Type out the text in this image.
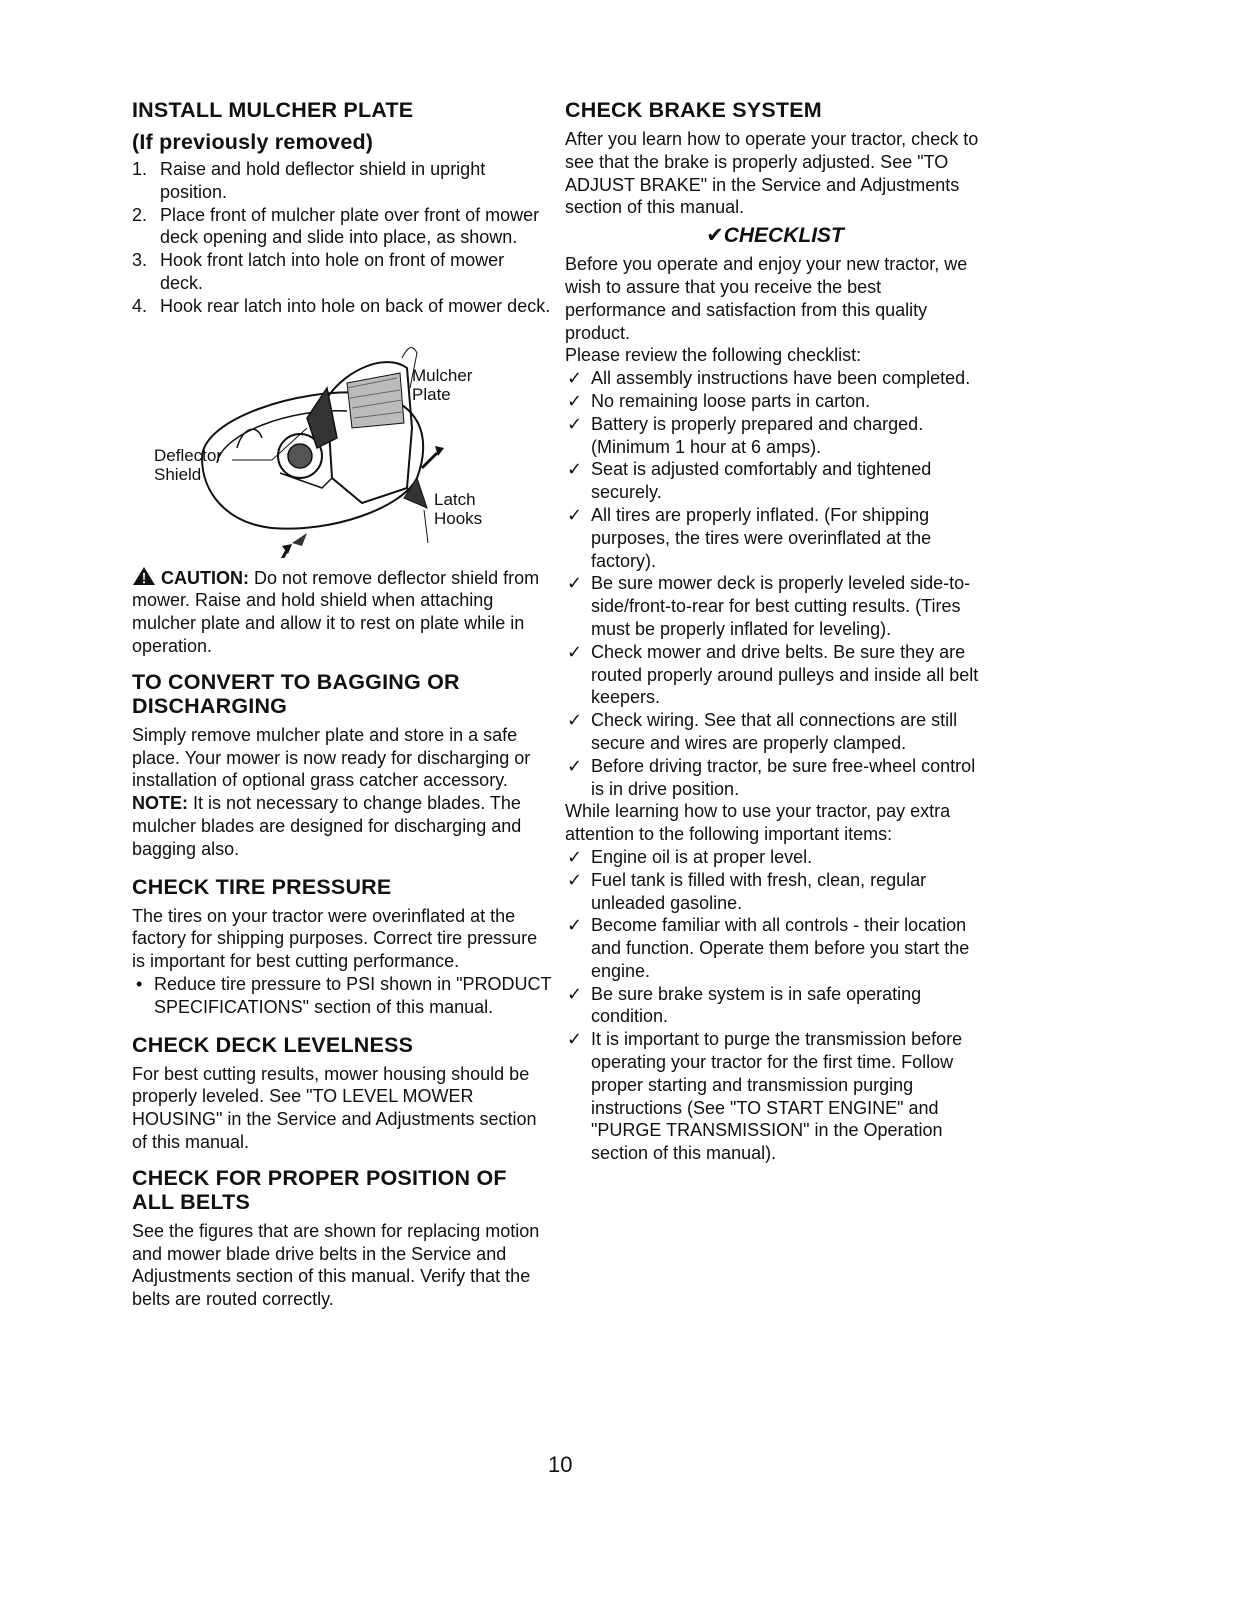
INSTALL MULCHER PLATE
(If previously removed)
1. Raise and hold deflector shield in upright position.
2. Place front of mulcher plate over front of mower deck opening and slide into place, as shown.
3. Hook front latch into hole on front of mower deck.
4. Hook rear latch into hole on back of mower deck.
Deflector
Shield
Mulcher
Plate
Latch
Hooks

CAUTION: Do not remove deflector shield from mower. Raise and hold shield when attaching mulcher plate and allow it to rest on plate while in operation.

TO CONVERT TO BAGGING OR DISCHARGING

Simply remove mulcher plate and store in a safe place. Your mower is now ready for discharging or installation of optional grass catcher accessory.

NOTE: It is not necessary to change blades. The mulcher blades are designed for discharging and bagging also.

CHECK TIRE PRESSURE

The tires on your tractor were overinflated at the factory for shipping purposes. Correct tire pressure is important for best cutting performance.

• Reduce tire pressure to PSI shown in "PRODUCT SPECIFICATIONS" section of this manual.
CHECK DECK LEVELNESS

For best cutting results, mower housing should be properly leveled. See "TO LEVEL MOWER HOUSING" in the Service and Adjustments section of this manual.

CHECK FOR PROPER POSITION OF ALL BELTS

See the figures that are shown for replacing motion and mower blade drive belts in the Service and Adjustments section of this manual. Verify that the belts are routed correctly.

CHECK BRAKE SYSTEM

After you learn how to operate your tractor, check to see that the brake is properly adjusted. See "TO ADJUST BRAKE" in the Service and Adjustments section of this manual.

✔CHECKLIST

Before you operate and enjoy your new tractor, we wish to assure that you receive the best performance and satisfaction from this quality product.

Please review the following checklist:

✓ All assembly instructions have been completed.
✓ No remaining loose parts in carton.
✓ Battery is properly prepared and charged. (Minimum 1 hour at 6 amps).
✓ Seat is adjusted comfortably and tightened securely.
✓ All tires are properly inflated. (For shipping purposes, the tires were overinflated at the factory).
✓ Be sure mower deck is properly leveled side-to-side/front-to-rear for best cutting results. (Tires must be properly inflated for leveling).
✓ Check mower and drive belts. Be sure they are routed properly around pulleys and inside all belt keepers.
✓ Check wiring. See that all connections are still secure and wires are properly clamped.
✓ Before driving tractor, be sure free-wheel control is in drive position.

While learning how to use your tractor, pay extra attention to the following important items:

✓ Engine oil is at proper level.
✓ Fuel tank is filled with fresh, clean, regular unleaded gasoline.
✓ Become familiar with all controls - their location and function. Operate them before you start the engine.
✓ Be sure brake system is in safe operating condition.
✓ It is important to purge the transmission before operating your tractor for the first time. Follow proper starting and transmission purging instructions (See "TO START ENGINE" and "PURGE TRANSMISSION" in the Operation section of this manual).
10
